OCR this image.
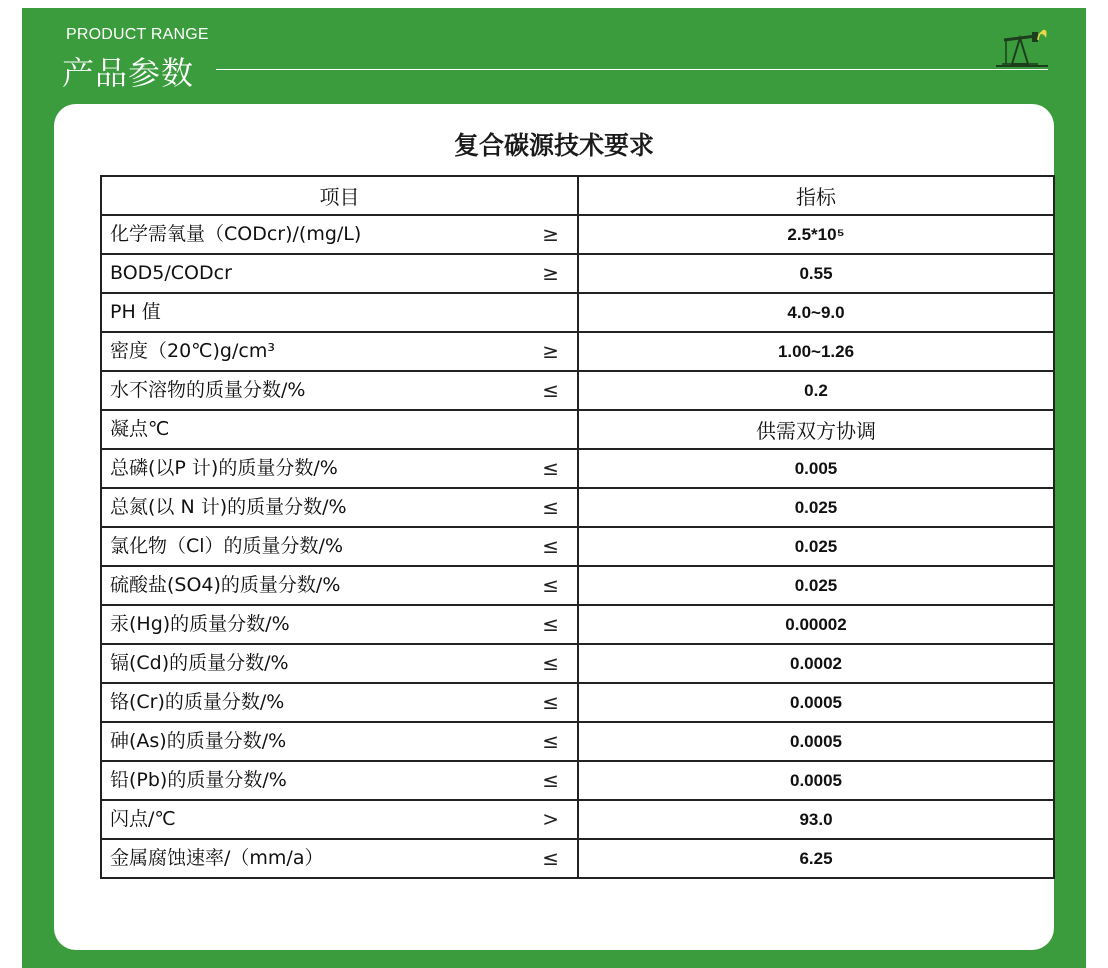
PRODUCT RANGE
产品参数
复合碳源技术要求
项目	指标

化学需氧量（CODcr)/(mg/L) ≥	2.5*10⁵

BOD5/CODcr ≥	0.55

PH 值	4.0~9.0

密度（20℃)g/cm³ ≥	1.00~1.26

水不溶物的质量分数/% ≤	0.2

凝点℃	供需双方协调

总磷(以P 计)的质量分数/% ≤	0.005

总氮(以 N 计)的质量分数/% ≤	0.025

氯化物（Cl）的质量分数/% ≤	0.025

硫酸盐(SO4)的质量分数/% ≤	0.025

汞(Hg)的质量分数/% ≤	0.00002

镉(Cd)的质量分数/% ≤	0.0002

铬(Cr)的质量分数/% ≤	0.0005

砷(As)的质量分数/% ≤	0.0005

铅(Pb)的质量分数/% ≤	0.0005

闪点/℃ >	93.0

金属腐蚀速率/（mm/a） ≤	6.25
